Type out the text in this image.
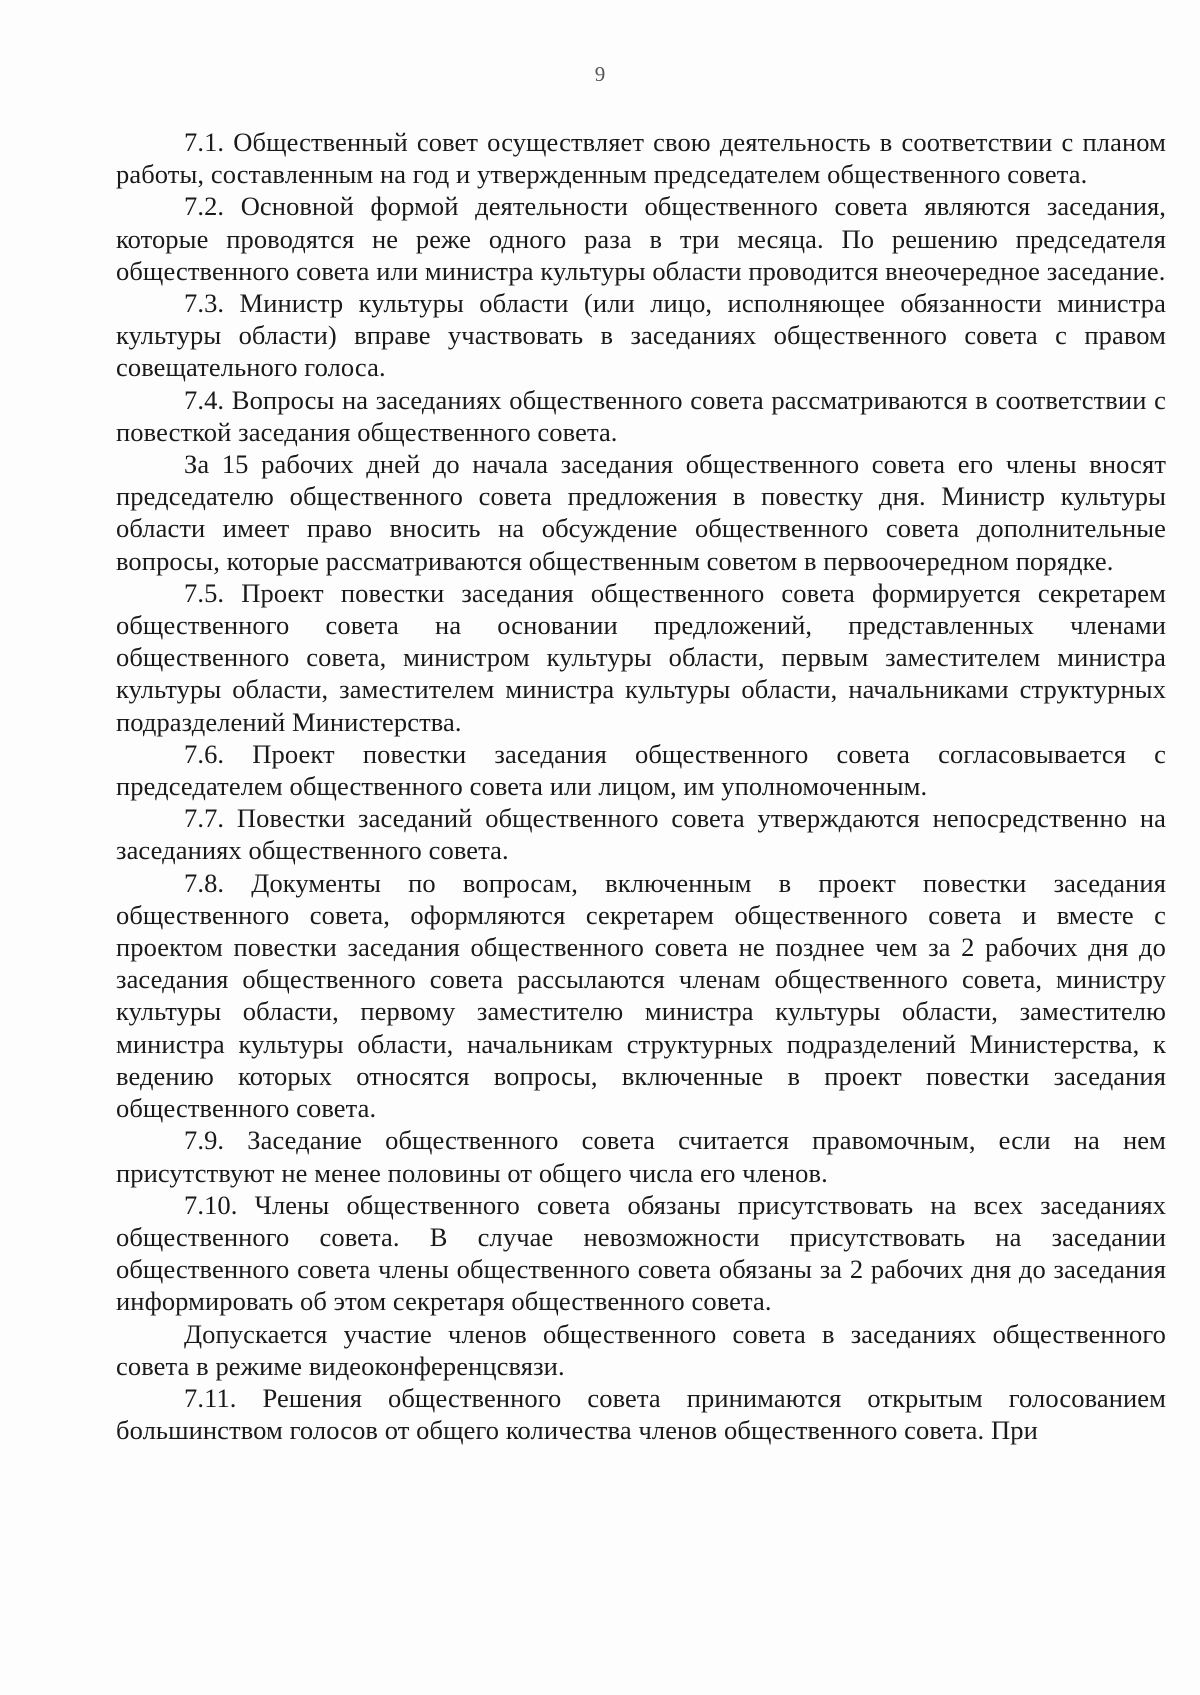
9

7.1. Общественный совет осуществляет свою деятельность в соответствии с планом работы, составленным на год и утвержденным председателем общественного совета.

7.2. Основной формой деятельности общественного совета являются заседания, которые проводятся не реже одного раза в три месяца. По решению председателя общественного совета или министра культуры области проводится внеочередное заседание.

7.3. Министр культуры области (или лицо, исполняющее обязанности министра культуры области) вправе участвовать в заседаниях общественного совета с правом совещательного голоса.

7.4. Вопросы на заседаниях общественного совета рассматриваются в соответствии с повесткой заседания общественного совета.

За 15 рабочих дней до начала заседания общественного совета его члены вносят председателю общественного совета предложения в повестку дня. Министр культуры области имеет право вносить на обсуждение общественного совета дополнительные вопросы, которые рассматриваются общественным советом в первоочередном порядке.

7.5. Проект повестки заседания общественного совета формируется секретарем общественного совета на основании предложений, представленных членами общественного совета, министром культуры области, первым заместителем министра культуры области, заместителем министра культуры области, начальниками структурных подразделений Министерства.

7.6. Проект повестки заседания общественного совета согласовывается с председателем общественного совета или лицом, им уполномоченным.

7.7. Повестки заседаний общественного совета утверждаются непосредственно на заседаниях общественного совета.

7.8. Документы по вопросам, включенным в проект повестки заседания общественного совета, оформляются секретарем общественного совета и вместе с проектом повестки заседания общественного совета не позднее чем за 2 рабочих дня до заседания общественного совета рассылаются членам общественного совета, министру культуры области, первому заместителю министра культуры области, заместителю министра культуры области, начальникам структурных подразделений Министерства, к ведению которых относятся вопросы, включенные в проект повестки заседания общественного совета.

7.9. Заседание общественного совета считается правомочным, если на нем присутствуют не менее половины от общего числа его членов.

7.10. Члены общественного совета обязаны присутствовать на всех заседаниях общественного совета. В случае невозможности присутствовать на заседании общественного совета члены общественного совета обязаны за 2 рабочих дня до заседания информировать об этом секретаря общественного совета.

Допускается участие членов общественного совета в заседаниях общественного совета в режиме видеоконференцсвязи.

7.11. Решения общественного совета принимаются открытым голосованием большинством голосов от общего количества членов общественного совета. При
